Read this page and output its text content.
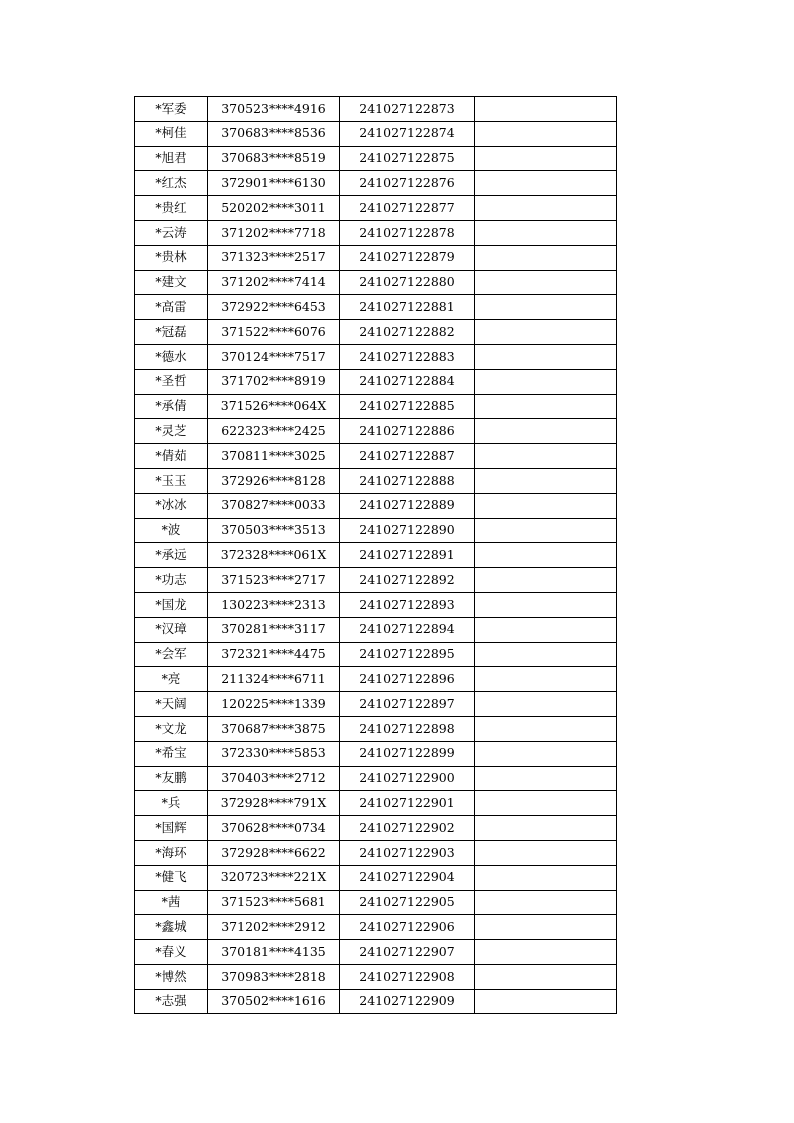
*军委	370523****4916	241027122873	
*柯佳	370683****8536	241027122874	
*旭君	370683****8519	241027122875	
*红杰	372901****6130	241027122876	
*贵红	520202****3011	241027122877	
*云涛	371202****7718	241027122878	
*贵林	371323****2517	241027122879	
*建文	371202****7414	241027122880	
*高雷	372922****6453	241027122881	
*冠磊	371522****6076	241027122882	
*德水	370124****7517	241027122883	
*圣哲	371702****8919	241027122884	
*承倩	371526****064X	241027122885	
*灵芝	622323****2425	241027122886	
*倩茹	370811****3025	241027122887	
*玉玉	372926****8128	241027122888	
*冰冰	370827****0033	241027122889	
*波	370503****3513	241027122890	
*承远	372328****061X	241027122891	
*功志	371523****2717	241027122892	
*国龙	130223****2313	241027122893	
*汉璋	370281****3117	241027122894	
*会军	372321****4475	241027122895	
*亮	211324****6711	241027122896	
*天阔	120225****1339	241027122897	
*文龙	370687****3875	241027122898	
*希宝	372330****5853	241027122899	
*友鹏	370403****2712	241027122900	
*兵	372928****791X	241027122901	
*国辉	370628****0734	241027122902	
*海环	372928****6622	241027122903	
*健飞	320723****221X	241027122904	
*茜	371523****5681	241027122905	
*鑫城	371202****2912	241027122906	
*春义	370181****4135	241027122907	
*博然	370983****2818	241027122908	
*志强	370502****1616	241027122909	
